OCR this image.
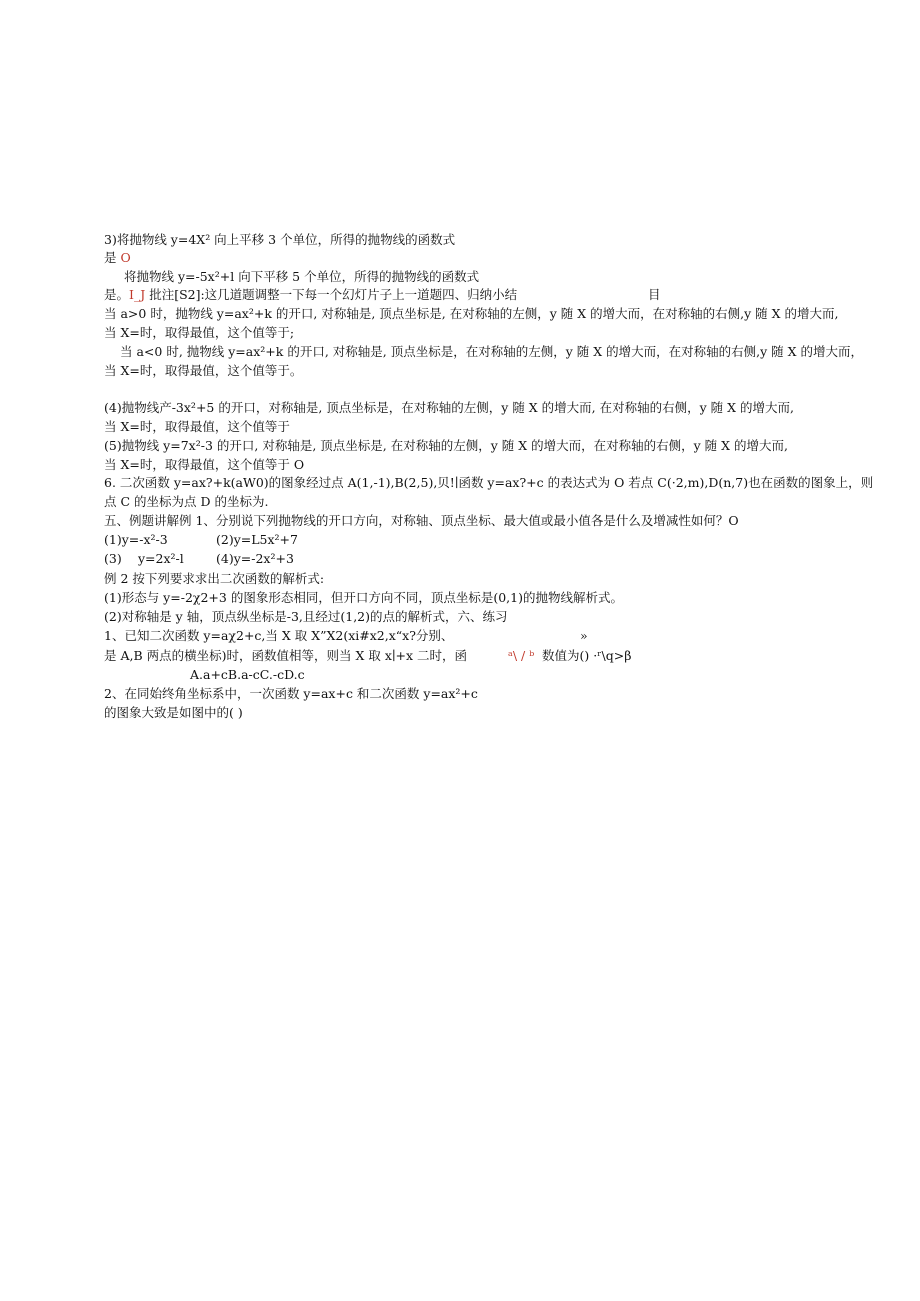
3)将抛物线 y=4X² 向上平移 3 个单位，所得的抛物线的函数式
是 O
将抛物线 y=-5x²+l 向下平移 5 个单位，所得的抛物线的函数式
是。I_J 批注[S2]:这几道题调整一下每一个幻灯片子上一道题四、归纳小结	目
当 a>0 时，抛物线 y=ax²+k 的开口, 对称轴是, 顶点坐标是, 在对称轴的左侧，y 随 X 的增大而，在对称轴的右侧,y 随 X 的增大而,
当 X=时，取得最值，这个值等于;
当 a<0 时, 抛物线 y=ax²+k 的开口, 对称轴是, 顶点坐标是，在对称轴的左侧，y 随 X 的增大而，在对称轴的右侧,y 随 X 的增大而，
当 X=时，取得最值，这个值等于。
(4)抛物线产-3x²+5 的开口，对称轴是, 顶点坐标是，在对称轴的左侧，y 随 X 的增大而, 在对称轴的右侧，y 随 X 的增大而,
当 X=时，取得最值，这个值等于
(5)抛物线 y=7x²-3 的开口, 对称轴是, 顶点坐标是, 在对称轴的左侧，y 随 X 的增大而，在对称轴的右侧，y 随 X 的增大而,
当 X=时，取得最值，这个值等于 O
6. 二次函数 y=ax?+k(aW0)的图象经过点 A(1,-1),B(2,5),贝!∣函数 y=ax?+c 的表达式为 O 若点 C(·2,m),D(n,7)也在函数的图象上，则
点 C 的坐标为点 D 的坐标为.
五、例题讲解例 1、分别说下列抛物线的开口方向，对称轴、顶点坐标、最大值或最小值各是什么及增减性如何？O
(1)y=-x²-3	(2)y=L5x²+7
(3) y=2x²-l	(4)y=-2x²+3
例 2 按下列要求求出二次函数的解析式:
(1)形态与 y=-2χ2+3 的图象形态相同，但开口方向不同，顶点坐标是(0,1)的抛物线解析式。
(2)对称轴是 y 轴，顶点纵坐标是-3,且经过(1,2)的点的解析式，六、练习
1、已知二次函数 y=aχ2+c,当 X 取 X”X2(xi#x2,x“x?分别、	»
是 A,B 两点的横坐标)时，函数值相等，则当 X 取 x∣+x 二时，函	ᵃ\ / ᵇ 数值为() ·ʳ\q>β
A.a+cB.a-cC.-cD.c
2、在同始终角坐标系中，一次函数 y=ax+c 和二次函数 y=ax²+c
的图象大致是如图中的( )
